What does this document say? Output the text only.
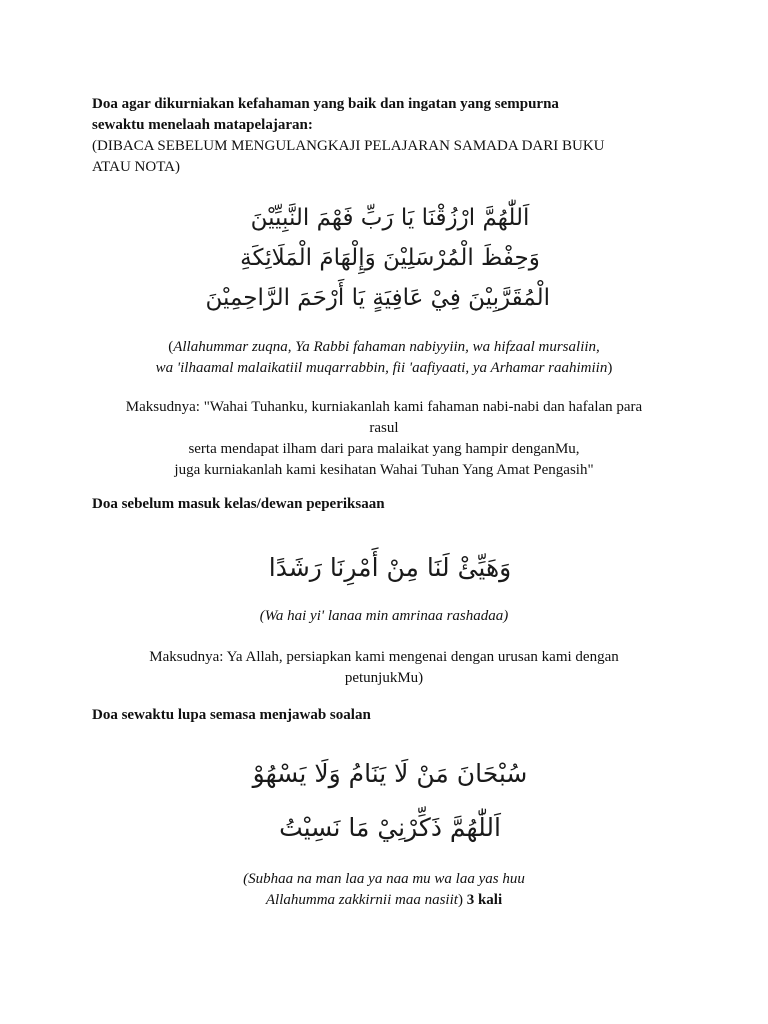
Doa agar dikurniakan kefahaman yang baik dan ingatan yang sempurna
sewaktu menelaah matapelajaran:
(DIBACA SEBELUM MENGULANGKAJI PELAJARAN SAMADA DARI BUKU
ATAU NOTA)
اَللّٰهُمَّ ارْزُقْنَا يَا رَبِّ فَهْمَ النَّبِيِّيْنَ
وَحِفْظَ الْمُرْسَلِيْنَ وَإِلْهَامَ الْمَلَائِكَةِ
الْمُقَرَّبِيْنَ فِيْ عَافِيَةٍ يَا أَرْحَمَ الرَّاحِمِيْنَ
(Allahummar zuqna, Ya Rabbi fahaman nabiyyiin, wa hifzaal mursaliin,
wa 'ilhaamal malaikatiil muqarrabbin, fii 'aafiyaati, ya Arhamar raahimiin)
Maksudnya: "Wahai Tuhanku, kurniakanlah kami fahaman nabi-nabi dan hafalan para
rasul
serta mendapat ilham dari para malaikat yang hampir denganMu,
juga kurniakanlah kami kesihatan Wahai Tuhan Yang Amat Pengasih"
Doa sebelum masuk kelas/dewan peperiksaan
وَهَيِّئْ لَنَا مِنْ أَمْرِنَا رَشَدًا
(Wa hai yi' lanaa min amrinaa rashadaa)
Maksudnya: Ya Allah, persiapkan kami mengenai dengan urusan kami dengan
petunjukMu)
Doa sewaktu lupa semasa menjawab soalan
سُبْحَانَ مَنْ لَا يَنَامُ وَلَا يَسْهُوْ
اَللّٰهُمَّ ذَكِّرْنِيْ مَا نَسِيْتُ
(Subhaa na man laa ya naa mu wa laa yas huu
Allahumma zakkirnii maa nasiit) 3 kali
